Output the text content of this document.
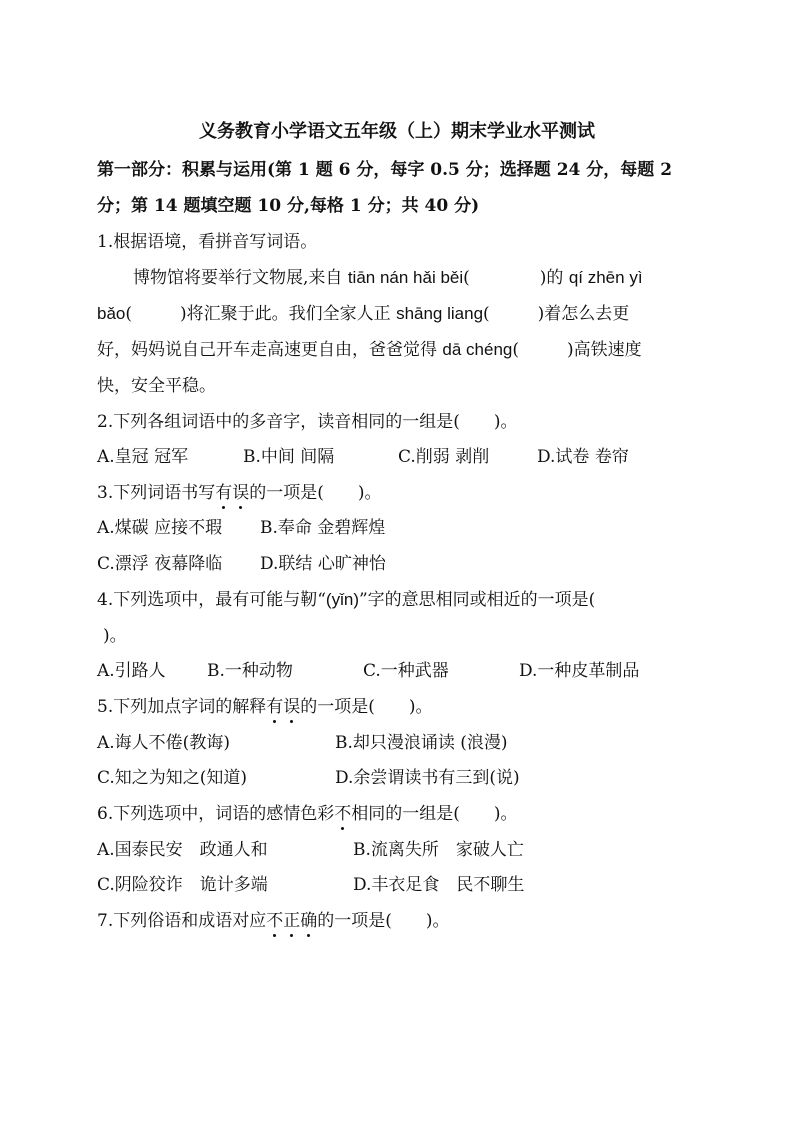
义务教育小学语文五年级（上）期末学业水平测试
第一部分：积累与运用(第 1 题 6 分，每字 0.5 分；选择题 24 分，每题 2
分；第 14 题填空题 10 分,每格 1 分；共 40 分)
1.根据语境，看拼音写词语。
博物馆将要举行文物展,来自 tiān nán hǎi běi(	)的 qí zhēn yì
bǎo(	)将汇聚于此。我们全家人正 shāng liang(	)着怎么去更
好，妈妈说自己开车走高速更自由，爸爸觉得 dā chéng(	)高铁速度
快，安全平稳。
2.下列各组词语中的多音字，读音相同的一组是(　　)。
A.皇冠 冠军	B.中间 间隔	C.削弱 剥削	D.试卷 卷帘
3.下列词语书写有误的一项是(　　)。
A.煤碳 应接不瑕 B.奉命 金碧辉煌
C.漂浮 夜幕降临 D.联结 心旷神怡
4.下列选项中，最有可能与靭“(yǐn)”字的意思相同或相近的一项是(
)。
A.引路人 B.一种动物	C.一种武器	D.一种皮革制品
5.下列加点字词的解释有误的一项是(　　)。
A.诲人不倦(教诲)	B.却只漫浪诵读 (浪漫)
C.知之为知之(知道)	D.余尝谓读书有三到(说)
6.下列选项中，词语的感情色彩不相同的一组是(　　)。
A.国泰民安　政通人和	B.流离失所　家破人亡
C.阴险狡诈　诡计多端	D.丰衣足食　民不聊生
7.下列俗语和成语对应不正确的一项是(　　)。
